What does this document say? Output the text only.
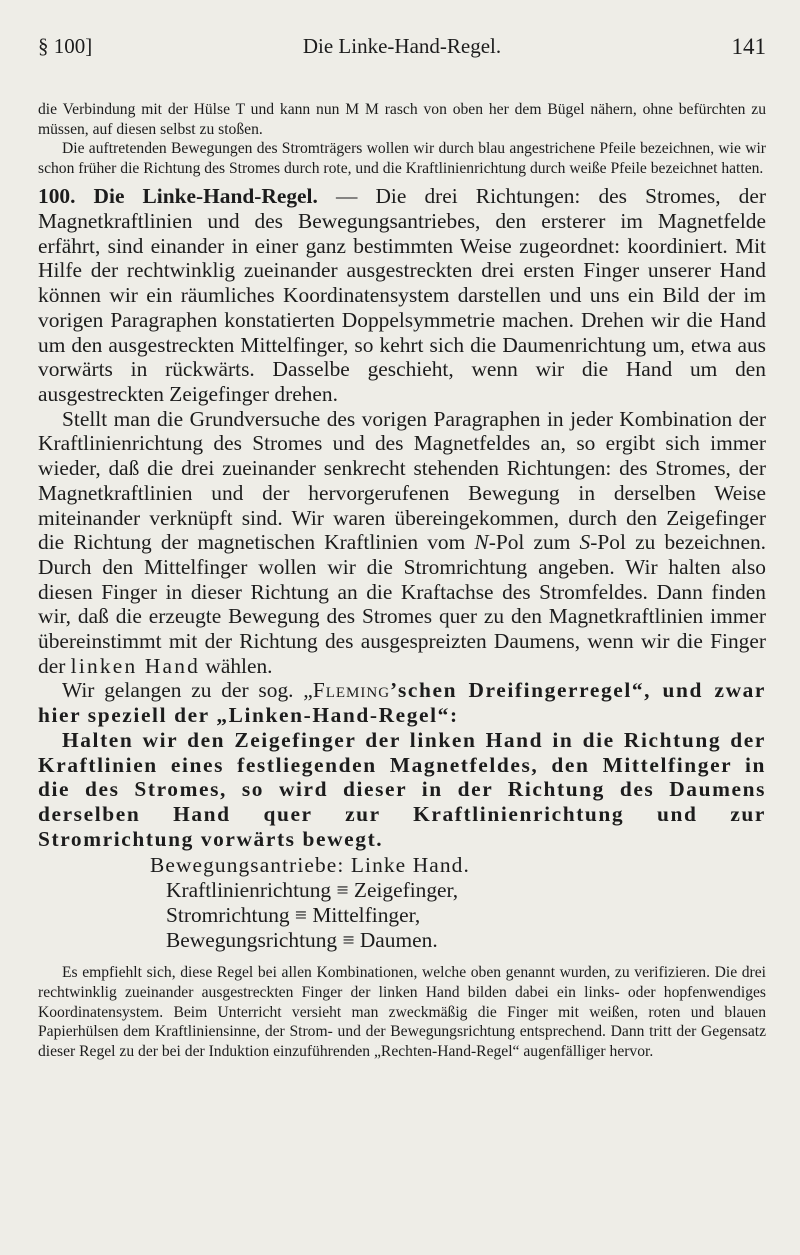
§ 100]	Die Linke-Hand-Regel.	141

die Verbindung mit der Hülse T und kann nun M M rasch von oben her dem Bügel nähern, ohne befürchten zu müssen, auf diesen selbst zu stoßen.

Die auftretenden Bewegungen des Stromträgers wollen wir durch blau angestrichene Pfeile bezeichnen, wie wir schon früher die Richtung des Stromes durch rote, und die Kraftlinienrichtung durch weiße Pfeile bezeichnet hatten.

100. Die Linke-Hand-Regel. — Die drei Richtungen: des Stromes, der Magnetkraftlinien und des Bewegungsantriebes, den ersterer im Magnetfelde erfährt, sind einander in einer ganz bestimmten Weise zugeordnet: koordiniert. Mit Hilfe der rechtwinklig zueinander ausgestreckten drei ersten Finger unserer Hand können wir ein räumliches Koordinatensystem darstellen und uns ein Bild der im vorigen Paragraphen konstatierten Doppelsymmetrie machen. Drehen wir die Hand um den ausgestreckten Mittelfinger, so kehrt sich die Daumenrichtung um, etwa aus vorwärts in rückwärts. Dasselbe geschieht, wenn wir die Hand um den ausgestreckten Zeigefinger drehen.

Stellt man die Grundversuche des vorigen Paragraphen in jeder Kombination der Kraftlinienrichtung des Stromes und des Magnetfeldes an, so ergibt sich immer wieder, daß die drei zueinander senkrecht stehenden Richtungen: des Stromes, der Magnetkraftlinien und der hervorgerufenen Bewegung in derselben Weise miteinander verknüpft sind. Wir waren übereingekommen, durch den Zeigefinger die Richtung der magnetischen Kraftlinien vom N-Pol zum S-Pol zu bezeichnen. Durch den Mittelfinger wollen wir die Stromrichtung angeben. Wir halten also diesen Finger in dieser Richtung an die Kraftachse des Stromfeldes. Dann finden wir, daß die erzeugte Bewegung des Stromes quer zu den Magnetkraftlinien immer übereinstimmt mit der Richtung des ausgespreizten Daumens, wenn wir die Finger der linken Hand wählen.

Wir gelangen zu der sog. „Fleming’schen Dreifingerregel“, und zwar hier speziell der „Linken-Hand-Regel“:

Halten wir den Zeigefinger der linken Hand in die Richtung der Kraftlinien eines festliegenden Magnetfeldes, den Mittelfinger in die des Stromes, so wird dieser in der Richtung des Daumens derselben Hand quer zur Kraftlinienrichtung und zur Stromrichtung vorwärts bewegt.

Bewegungsantriebe: Linke Hand.
Kraftlinienrichtung ≡ Zeigefinger,
Stromrichtung ≡ Mittelfinger,
Bewegungsrichtung ≡ Daumen.

Es empfiehlt sich, diese Regel bei allen Kombinationen, welche oben genannt wurden, zu verifizieren. Die drei rechtwinklig zueinander ausgestreckten Finger der linken Hand bilden dabei ein links- oder hopfenwendiges Koordinatensystem. Beim Unterricht versieht man zweckmäßig die Finger mit weißen, roten und blauen Papierhülsen dem Kraftliniensinne, der Strom- und der Bewegungsrichtung entsprechend. Dann tritt der Gegensatz dieser Regel zu der bei der Induktion einzuführenden „Rechten-Hand-Regel“ augenfälliger hervor.
